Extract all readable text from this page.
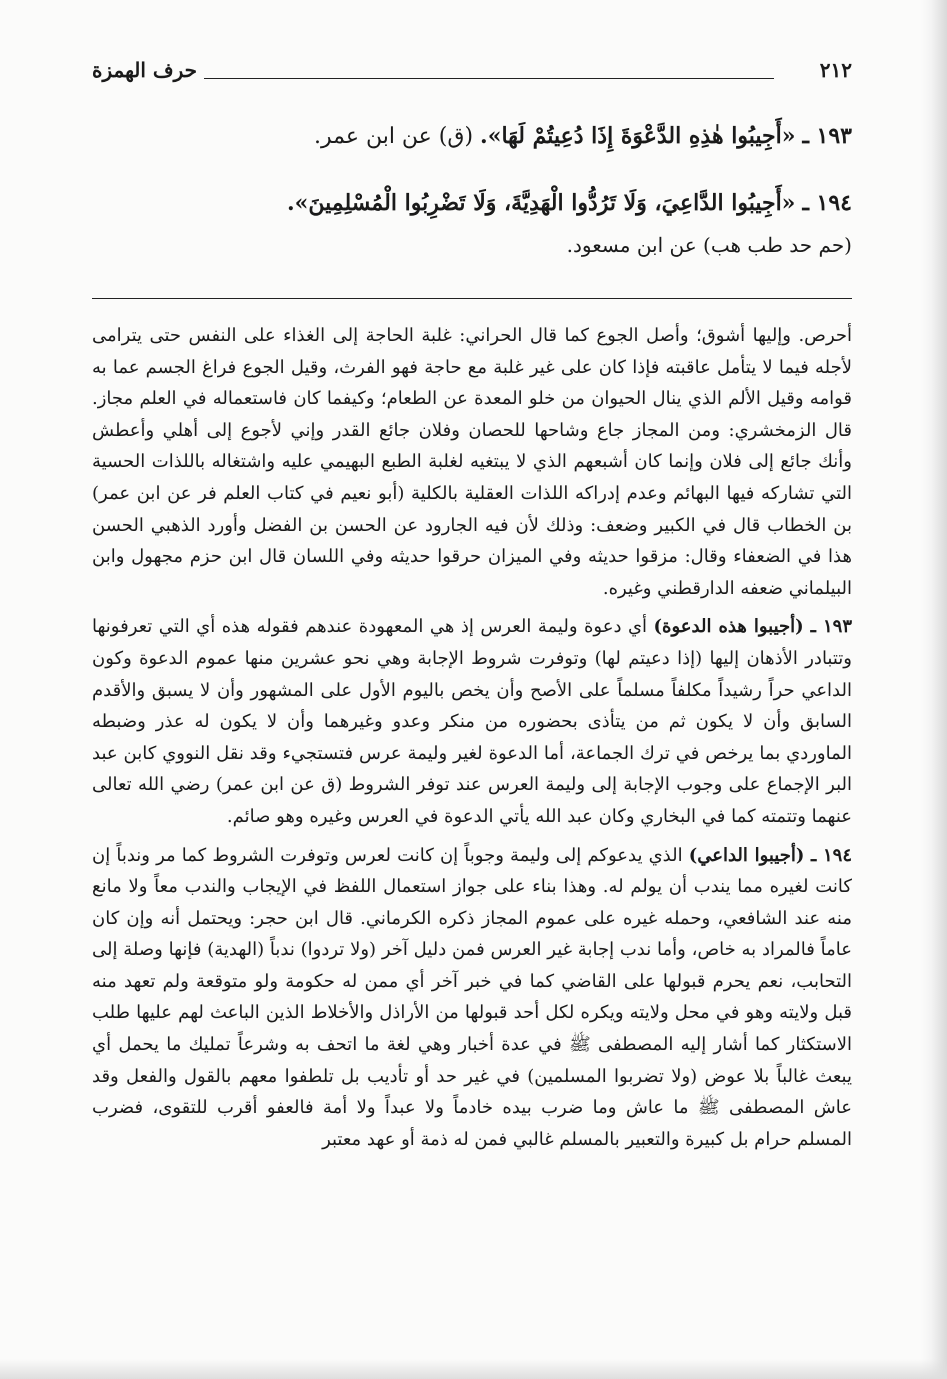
حرف الهمزة	٢١٢
١٩٣ ـ «أَجِيبُوا هٰذِهِ الدَّعْوَةَ إِذَا دُعِيتُمْ لَهَا». (ق) عن ابن عمر.
١٩٤ ـ «أَجِيبُوا الدَّاعِيَ، وَلَا تَرُدُّوا الْهَدِيَّةَ، وَلَا تَضْرِبُوا الْمُسْلِمِينَ».
(حم حد طب هب) عن ابن مسعود.

أحرص. وإليها أشوق؛ وأصل الجوع كما قال الحراني: غلبة الحاجة إلى الغذاء على النفس حتى يترامى لأجله فيما لا يتأمل عاقبته فإذا كان على غير غلبة مع حاجة فهو الفرث، وقيل الجوع فراغ الجسم عما به قوامه وقيل الألم الذي ينال الحيوان من خلو المعدة عن الطعام؛ وكيفما كان فاستعماله في العلم مجاز. قال الزمخشري: ومن المجاز جاع وشاحها للحصان وفلان جائع القدر وإني لأجوع إلى أهلي وأعطش وأنك جائع إلى فلان وإنما كان أشبعهم الذي لا يبتغيه لغلبة الطبع البهيمي عليه واشتغاله باللذات الحسية التي تشاركه فيها البهائم وعدم إدراكه اللذات العقلية بالكلية (أبو نعيم في كتاب العلم فر عن ابن عمر) بن الخطاب قال في الكبير وضعف: وذلك لأن فيه الجارود عن الحسن بن الفضل وأورد الذهبي الحسن هذا في الضعفاء وقال: مزقوا حديثه وفي الميزان حرقوا حديثه وفي اللسان قال ابن حزم مجهول وابن البيلماني ضعفه الدارقطني وغيره.

١٩٣ ـ (أجيبوا هذه الدعوة) أي دعوة وليمة العرس إذ هي المعهودة عندهم فقوله هذه أي التي تعرفونها وتتبادر الأذهان إليها (إذا دعيتم لها) وتوفرت شروط الإجابة وهي نحو عشرين منها عموم الدعوة وكون الداعي حراً رشيداً مكلفاً مسلماً على الأصح وأن يخص باليوم الأول على المشهور وأن لا يسبق والأقدم السابق وأن لا يكون ثم من يتأذى بحضوره من منكر وعدو وغيرهما وأن لا يكون له عذر وضبطه الماوردي بما يرخص في ترك الجماعة، أما الدعوة لغير وليمة عرس فتستجيء وقد نقل النووي كابن عبد البر الإجماع على وجوب الإجابة إلى وليمة العرس عند توفر الشروط (ق عن ابن عمر) رضي الله تعالى عنهما وتتمته كما في البخاري وكان عبد الله يأتي الدعوة في العرس وغيره وهو صائم.

١٩٤ ـ (أجيبوا الداعي) الذي يدعوكم إلى وليمة وجوباً إن كانت لعرس وتوفرت الشروط كما مر وندباً إن كانت لغيره مما يندب أن يولم له. وهذا بناء على جواز استعمال اللفظ في الإيجاب والندب معاً ولا مانع منه عند الشافعي، وحمله غيره على عموم المجاز ذكره الكرماني. قال ابن حجر: ويحتمل أنه وإن كان عاماً فالمراد به خاص، وأما ندب إجابة غير العرس فمن دليل آخر (ولا تردوا) ندباً (الهدية) فإنها وصلة إلى التحابب، نعم يحرم قبولها على القاضي كما في خبر آخر أي ممن له حكومة ولو متوقعة ولم تعهد منه قبل ولايته وهو في محل ولايته ويكره لكل أحد قبولها من الأراذل والأخلاط الذين الباعث لهم عليها طلب الاستكثار كما أشار إليه المصطفى ﷺ في عدة أخبار وهي لغة ما اتحف به وشرعاً تمليك ما يحمل أي يبعث غالباً بلا عوض (ولا تضربوا المسلمين) في غير حد أو تأديب بل تلطفوا معهم بالقول والفعل وقد عاش المصطفى ﷺ ما عاش وما ضرب بيده خادماً ولا عبداً ولا أمة فالعفو أقرب للتقوى، فضرب المسلم حرام بل كبيرة والتعبير بالمسلم غالبي فمن له ذمة أو عهد معتبر
